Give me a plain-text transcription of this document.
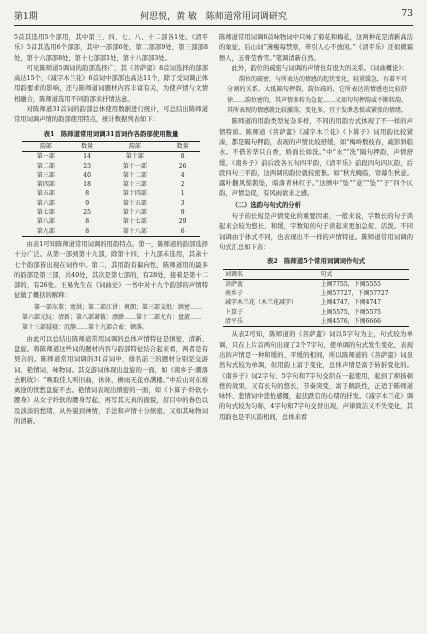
第1期	何思悦，黄 敏　陈师道常用词调研究	73

5首其选用5个部用，其中第三、四、七、八、十二部各1处。《清平乐》5首其选用6个部部，其中一部部6处，第二部部9处，第三部部8处，第十六部部8处，第十七部部1处，第十八部部3处。

可见陈师道5调词的韵部选择广，其《菩萨蛮》8首词选择的部部高达15个，《减字木兰花》6首词中部部也高达11个，除了受词调正体用韵要求的影响，还与陈师道词题材内容丰富有关，为使声情与文情相融合，陈师道选用不同韵部来抒情达意。

对陈师道31首词的韵部总体使用数据进行统计，可总结出陈师道常用词调声情的韵部使用特点，统计数据列表如下：

表1　陈师道常用词调31首词作各韵部使用数量
韵部	数量	韵部	数量
第一部	14	第十部	8
第二部	23	第十一部	26
第三部	40	第十二部	4
第四部	18	第十三部	2
第五部	8	第十四部	1
第六部	9	第十五部	3
第七部	25	第十六部	9
第八部	8	第十七部	29
第九部	8	第十八部	6

由表1可知陈师道常用词调的用韵特点。第一，陈师道的韵部选择十分广泛。从第一部到第十九部，除第十四、十九部未选用，其余十七个韵部皆出现在词作中。第二，其用韵有偏向性，陈师道用的最多的韵部是第三部，共40处，其次是第七部的，有28处，接着是第十二部的，有26处。王易先生在《词曲史》一书中对十九个韵部的声情特征做了概括的解释：

第一部东董：宽洪；第二部江讲：爽朗；第三部支纸：缜密……第六部元阮：清新；第八部萧筱：漂渺……第十二部尤有：盘旋……第十三部侵寝：沉静……第十九部合盍：顿落。

由此可以总结出陈师道常用词调的总体声情特征是缜密、清新、盘旋。将陈师道这些词的题材内容与韵部特征结合起来看，两者是有契合的。陈师道常用词调的31首词中，排名前三的题材分别是交游词、艳情词、咏物词。其交游词体现出盘旋的一面，如《南乡子·潮落去帆收》：“唤取佳人听旧曲，休休，檐雨无花亦满楼。”中后山对东坡离途的忧愁盘旋不去。艳情词表现出缜密的一面，如《卜算子·纤软小腰身》从女子纤软的腰身写起，再写其天真的面貌，眉目中的眷色以及淡淡的愁绪，从外貌到神情，手法和声情十分缜密。又如其咏物词的清新。

陈师道常用词调6首咏物词中只咏了菊花和梅花，这两种花是清新高洁的象征，后山词“薄瘦每禁寒，牵引人心不放闲。”《清平乐》还似微霜擦人，玉骨莹香雪。”笔调清新自然。

此外，韵位的疏密与词调的声情也有很大的关系。《词曲概论》：

韵位的疏密，与所表达的情感的起伏变化，轻重缓急，有着不可分割的关系。大抵隔句押韵，韵位疏的，它所表达的情感也比较舒徐……韵位密的，其声情多转为急促……又如句句押韵或不断转韵，其所表现的情感就比较激荡，变化多，宜于发泄悲愤或紧张的情绪。

陈师道的用韵类型复杂多样，不同的用韵方式体现了不一样的声情特质。陈师道《菩萨蛮》《减字木兰花》《卜算子》词用韵比较紧凑，都是隔句押韵，表现的声情比较舒缓，如“梅岭数枝春，疏影斜临水。不借芳华只自香，娇面长如洗。”中“水”“洗”隔句押韵，声情舒缓。《南乡子》前后段各五句四平韵，《清平乐》前段四句四仄韵，后段四句三平韵，这两调的韵位就较密集。如“秋光晚临，帘幕生秋意。露叶翻风惊鹊坠，暗落青林红子。”这阕中“坠”“意”“坠”“子”四个仄韵，声情急促，有风雨欲来之感。

（二）选韵与句式的分析

句子的长短是声情变化的重要因素，一般来说，字数长的句子读起来会较为悠长、和缓，字数短的句子读起来更加急促、活泼。不同词调由于体式不同，也表现出不一样的声情特征。陈师道常用词调的句式汇总如下表：

表2　陈师道5个常用词调词作句式
词调名	句式
菩萨蛮	上阕7755，下阕5555
南乡子	上阕57727，下阕57727
减字木兰花（木兰花减字）	上阕4747，下阕4747
卜算子	上阕5575，下阕5575
清平乐	上阕4576，下阕6666

从表2可知，陈师道的《菩萨蛮》词以5字句为主，句式较为单调，只在上片首两句出现了2个7字句，使单调的句式发生变化，表现出的声情是一种和缓的、平缓的相间，所以陈师道的《菩萨蛮》词虽然句式较为单调，但用韵上富于变化，总体声情是富于转折变化的。《南乡子》词2字句、5字句和7字句交织在一起使用，起到了抑扬顿挫的效果，又有长句的悠长，节奏突变，富于跳跃性，正适于陈师道咏怀、悲情词中悲怆感慨，起伏跌宕的心绪的抒发。《减字木兰花》调的句式较为匀称，4字句和7字句交替出现，声律简洁又不失变化，其用韵也是平仄韵相间，总体来看
